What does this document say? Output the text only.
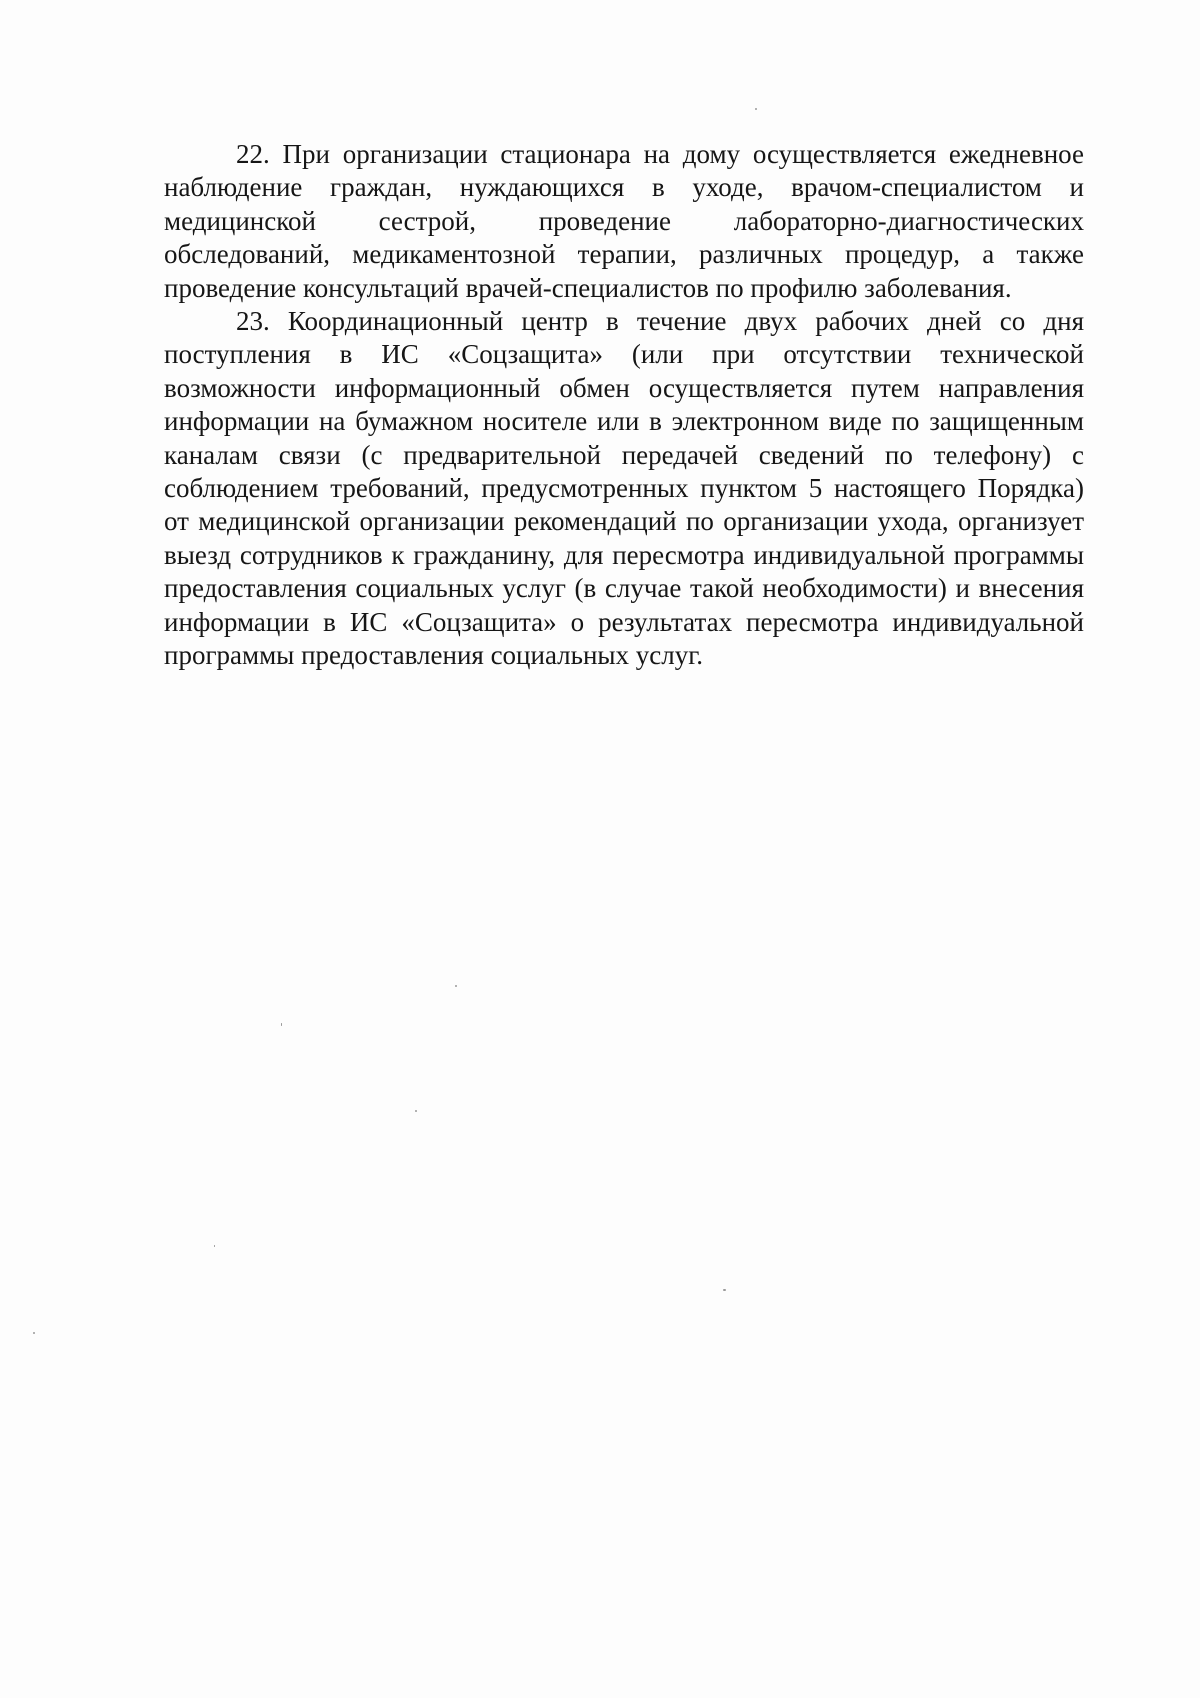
22. При организации стационара на дому осуществляется ежедневное наблюдение граждан, нуждающихся в уходе, врачом-специалистом и медицинской сестрой, проведение лабораторно-диагностических обследований, медикаментозной терапии, различных процедур, а также проведение консультаций врачей-специалистов по профилю заболевания.

23. Координационный центр в течение двух рабочих дней со дня поступления в ИС «Соцзащита» (или при отсутствии технической возможности информационный обмен осуществляется путем направления информации на бумажном носителе или в электронном виде по защищенным каналам связи (с предварительной передачей сведений по телефону) с соблюдением требований, предусмотренных пунктом 5 настоящего Порядка) от медицинской организации рекомендаций по организации ухода, организует выезд сотрудников к гражданину, для пересмотра индивидуальной программы предоставления социальных услуг (в случае такой необходимости) и внесения информации в ИС «Соцзащита» о результатах пересмотра индивидуальной программы предоставления социальных услуг.
